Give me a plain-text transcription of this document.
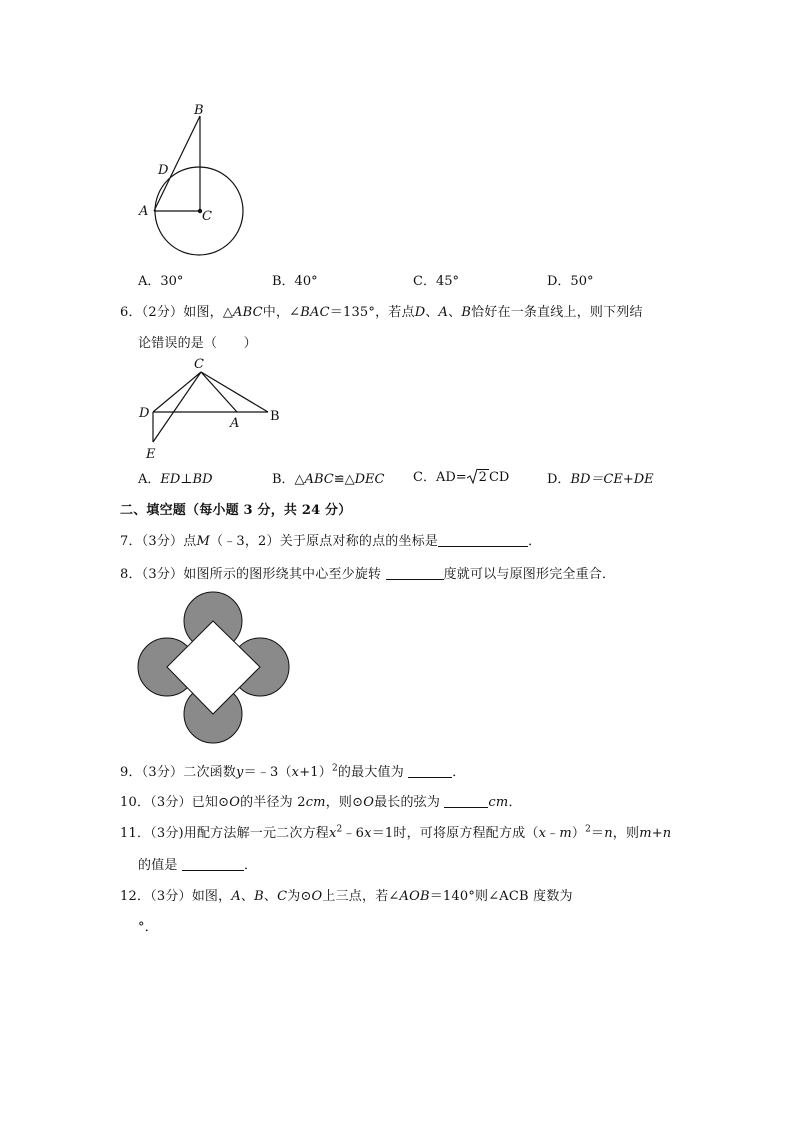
B
D
A	C
A．30°	B．40°	C．45°	D．50°
6．（2分）如图，△ABC中，∠BAC＝135°，若点D、A、B恰好在一条直线上，则下列结
论错误的是（　　）
C
D
A B
E
A．ED⊥BD	B．△ABC≌△DEC C．AD= 2 CD	D．BD＝CE+DE
二、填空题（每小题 3 分，共 24 分）
7．（3分）点M（﹣3，2）关于原点对称的点的坐标是	．
8．（3分）如图所示的图形绕其中心至少旋转	度就可以与原图形完全重合．
9．（3分）二次函数$y=﹣3(x+1)^2$的最大值为	．
10．（3分）已知⊙O的半径为 2cm，则⊙O最长的弦为	cm．
11．（3分)用配方法解一元二次方程$x^2﹣6x=1$时，可将原方程配方成（x﹣m）$^2$＝n，则m+n
的值是	．
12．（3分）如图，A、B、C为⊙O上三点，若∠AOB＝140°则∠ACB 度数为
°．
